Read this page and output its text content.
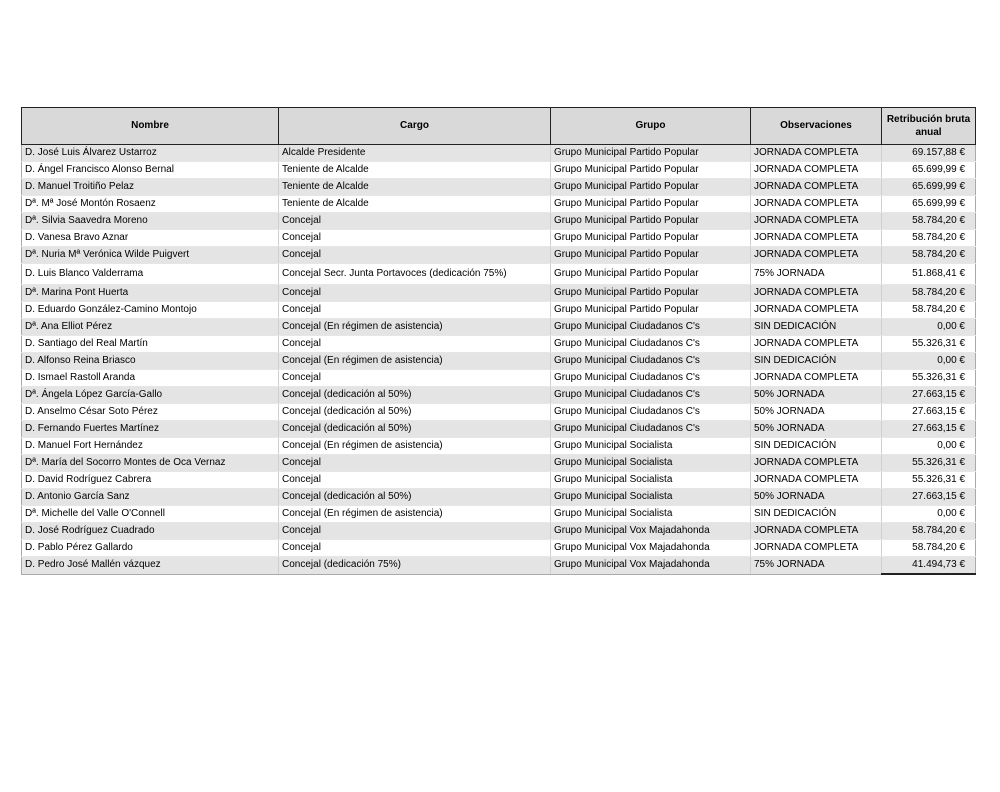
Nombre	Cargo	Grupo	Observaciones	Retribución bruta
anual
D. José Luis Álvarez Ustarroz	Alcalde Presidente	Grupo Municipal Partido Popular	JORNADA COMPLETA	69.157,88 €
D. Ángel Francisco Alonso Bernal	Teniente de Alcalde	Grupo Municipal Partido Popular	JORNADA COMPLETA	65.699,99 €
D. Manuel Troitiño Pelaz	Teniente de Alcalde	Grupo Municipal Partido Popular	JORNADA COMPLETA	65.699,99 €
Dª. Mª José Montón Rosaenz	Teniente de Alcalde	Grupo Municipal Partido Popular	JORNADA COMPLETA	65.699,99 €
Dª. Silvia Saavedra Moreno	Concejal	Grupo Municipal Partido Popular	JORNADA COMPLETA	58.784,20 €
D. Vanesa Bravo Aznar	Concejal	Grupo Municipal Partido Popular	JORNADA COMPLETA	58.784,20 €
Dª. Nuria Mª Verónica Wilde Puigvert	Concejal	Grupo Municipal Partido Popular	JORNADA COMPLETA	58.784,20 €
D. Luis Blanco Valderrama	Concejal Secr. Junta Portavoces (dedicación 75%)	Grupo Municipal Partido Popular	75% JORNADA	51.868,41 €
Dª. Marina Pont Huerta	Concejal	Grupo Municipal Partido Popular	JORNADA COMPLETA	58.784,20 €
D. Eduardo González-Camino Montojo	Concejal	Grupo Municipal Partido Popular	JORNADA COMPLETA	58.784,20 €
Dª. Ana Elliot Pérez	Concejal (En régimen de asistencia)	Grupo Municipal Ciudadanos C's	SIN DEDICACIÓN	0,00 €
D. Santiago del Real Martín	Concejal	Grupo Municipal Ciudadanos C's	JORNADA COMPLETA	55.326,31 €
D. Alfonso Reina Briasco	Concejal (En régimen de asistencia)	Grupo Municipal Ciudadanos C's	SIN DEDICACIÓN	0,00 €
D. Ismael Rastoll Aranda	Concejal	Grupo Municipal Ciudadanos C's	JORNADA COMPLETA	55.326,31 €
Dª. Ángela López García-Gallo	Concejal (dedicación al 50%)	Grupo Municipal Ciudadanos C's	50% JORNADA	27.663,15 €
D. Anselmo César Soto Pérez	Concejal (dedicación al 50%)	Grupo Municipal Ciudadanos C's	50% JORNADA	27.663,15 €
D. Fernando Fuertes Martínez	Concejal (dedicación al 50%)	Grupo Municipal Ciudadanos C's	50% JORNADA	27.663,15 €
D. Manuel Fort Hernández	Concejal (En régimen de asistencia)	Grupo Municipal Socialista	SIN DEDICACIÓN	0,00 €
Dª. María del Socorro Montes de Oca Vernaz	Concejal	Grupo Municipal Socialista	JORNADA COMPLETA	55.326,31 €
D. David Rodríguez Cabrera	Concejal	Grupo Municipal Socialista	JORNADA COMPLETA	55.326,31 €
D. Antonio García Sanz	Concejal (dedicación al 50%)	Grupo Municipal Socialista	50% JORNADA	27.663,15 €
Dª. Michelle del Valle O'Connell	Concejal (En régimen de asistencia)	Grupo Municipal Socialista	SIN DEDICACIÓN	0,00 €
D. José Rodríguez Cuadrado	Concejal	Grupo Municipal Vox Majadahonda	JORNADA COMPLETA	58.784,20 €
D. Pablo Pérez Gallardo	Concejal	Grupo Municipal Vox Majadahonda	JORNADA COMPLETA	58.784,20 €
D. Pedro José Mallén vázquez	Concejal (dedicación 75%)	Grupo Municipal Vox Majadahonda	75% JORNADA	41.494,73 €
